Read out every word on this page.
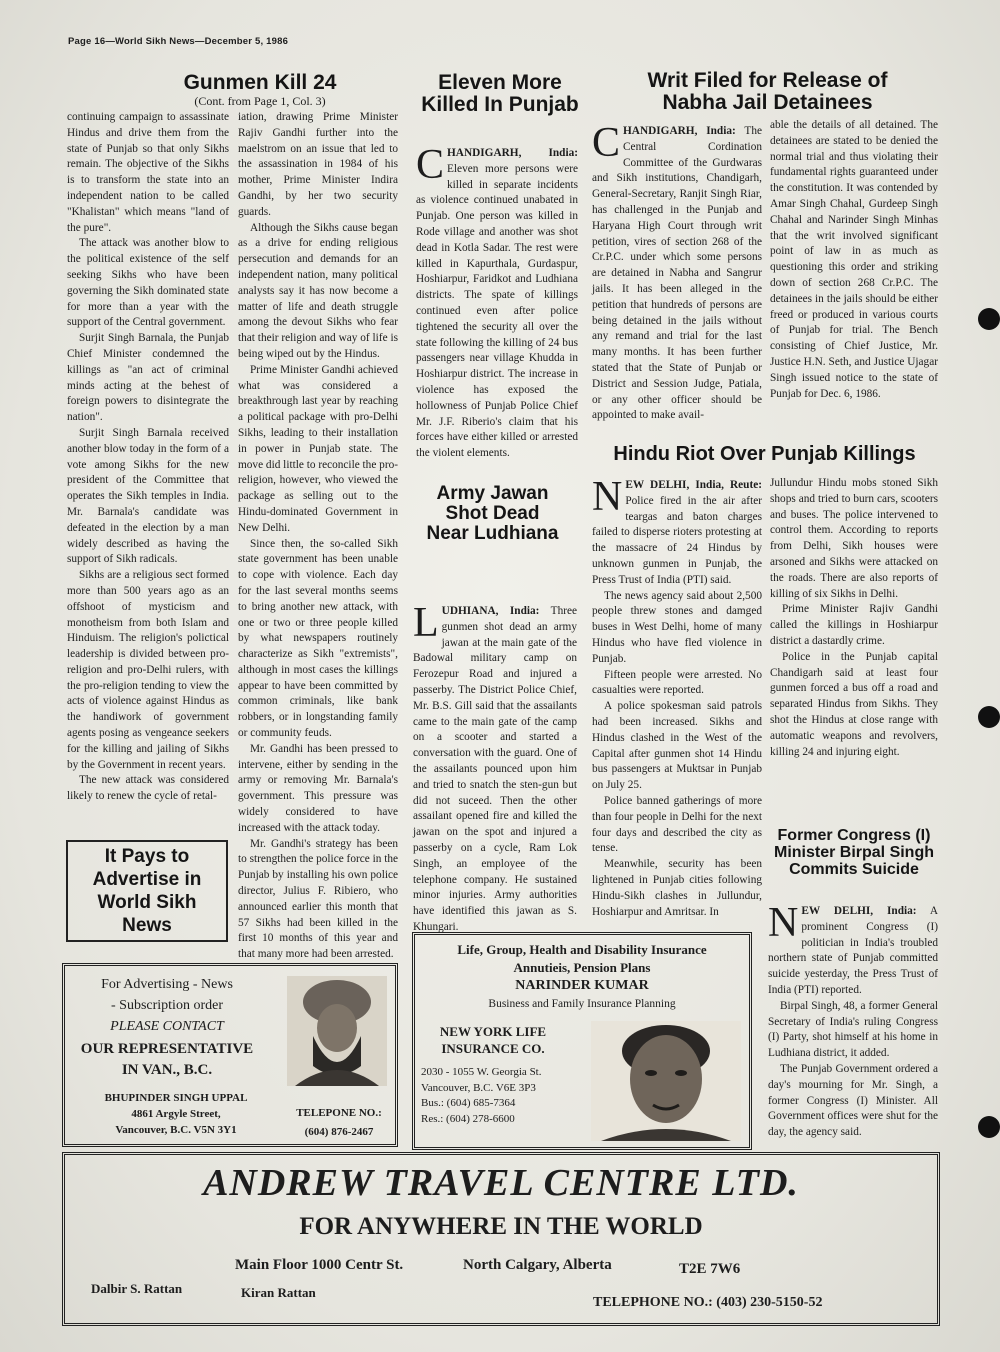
Page 16—World Sikh News—December 5, 1986
Gunmen Kill 24
(Cont. from Page 1, Col. 3)

continuing campaign to assassinate Hindus and drive them from the state of Punjab so that only Sikhs remain. The objective of the Sikhs is to transform the state into an independent nation to be called "Khalistan" which means "land of the pure".

The attack was another blow to the political existence of the self seeking Sikhs who have been governing the Sikh dominated state for more than a year with the support of the Central government.

Surjit Singh Barnala, the Punjab Chief Minister condemned the killings as "an act of criminal minds acting at the behest of foreign powers to disintegrate the nation".

Surjit Singh Barnala received another blow today in the form of a vote among Sikhs for the new president of the Committee that operates the Sikh temples in India. Mr. Barnala's candidate was defeated in the election by a man widely described as having the support of Sikh radicals.

Sikhs are a religious sect formed more than 500 years ago as an offshoot of mysticism and monotheism from both Islam and Hinduism. The religion's polictical leadership is divided between pro-religion and pro-Delhi rulers, with the pro-religion tending to view the acts of violence against Hindus as the handiwork of government agents posing as vengeance seekers for the killing and jailing of Sikhs by the Government in recent years.

The new attack was considered likely to renew the cycle of retal-

iation, drawing Prime Minister Rajiv Gandhi further into the maelstrom on an issue that led to the assassination in 1984 of his mother, Prime Minister Indira Gandhi, by her two security guards.

Although the Sikhs cause began as a drive for ending religious persecution and demands for an independent nation, many political analysts say it has now become a matter of life and death struggle among the devout Sikhs who fear that their religion and way of life is being wiped out by the Hindus.

Prime Minister Gandhi achieved what was considered a breakthrough last year by reaching a political package with pro-Delhi Sikhs, leading to their installation in power in Punjab state. The move did little to reconcile the pro-religion, however, who viewed the package as selling out to the Hindu-dominated Government in New Delhi.

Since then, the so-called Sikh state government has been unable to cope with violence. Each day for the last several months seems to bring another new attack, with one or two or three people killed by what newspapers routinely characterize as Sikh "extremists", although in most cases the killings appear to have been committed by common criminals, like bank robbers, or in longstanding family or community feuds.

Mr. Gandhi has been pressed to intervene, either by sending in the army or removing Mr. Barnala's government. This pressure was widely considered to have increased with the attack today.

Mr. Gandhi's strategy has been to strengthen the police force in the Punjab by installing his own police director, Julius F. Ribiero, who announced earlier this month that 57 Sikhs had been killed in the first 10 months of this year and that many more had been arrested.

Eleven More Killed In Punjab

CHANDIGARH, India: Eleven more persons were killed in separate incidents as violence continued unabated in Punjab. One person was killed in Rode village and another was shot dead in Kotla Sadar. The rest were killed in Kapurthala, Gurdaspur, Hoshiarpur, Faridkot and Ludhiana districts. The spate of killings continued even after police tightened the security all over the state following the killing of 24 bus passengers near village Khudda in Hoshiarpur district. The increase in violence has exposed the hollowness of Punjab Police Chief Mr. J.F. Riberio's claim that his forces have either killed or arrested the violent elements.

Army Jawan Shot Dead Near Ludhiana

LUDHIANA, India: Three gunmen shot dead an army jawan at the main gate of the Badowal military camp on Ferozepur Road and injured a passerby. The District Police Chief, Mr. B.S. Gill said that the assailants came to the main gate of the camp on a scooter and started a conversation with the guard. One of the assailants pounced upon him and tried to snatch the sten-gun but did not suceed. Then the other assailant opened fire and killed the jawan on the spot and injured a passerby on a cycle, Ram Lok Singh, an employee of the telephone company. He sustained minor injuries. Army authorities have identified this jawan as S. Khungari.

Writ Filed for Release of Nabha Jail Detainees

CHANDIGARH, India: The Central Cordination Committee of the Gurdwaras and Sikh institutions, Chandigarh, General-Secretary, Ranjit Singh Riar, has challenged in the Punjab and Haryana High Court through writ petition, vires of section 268 of the Cr.P.C. under which some persons are detained in Nabha and Sangrur jails. It has been alleged in the petition that hundreds of persons are being detained in the jails without any remand and trial for the last many months. It has been further stated that the State of Punjab or District and Session Judge, Patiala, or any other officer should be appointed to make avail-

able the details of all detained. The detainees are stated to be denied the normal trial and thus violating their fundamental rights guaranteed under the constitution. It was contended by Amar Singh Chahal, Gurdeep Singh Chahal and Narinder Singh Minhas that the writ involved significant point of law in as much as questioning this order and striking down of section 268 Cr.P.C. The detainees in the jails should be either freed or produced in various courts of Punjab for trial. The Bench consisting of Chief Justice, Mr. Justice H.N. Seth, and Justice Ujagar Singh issued notice to the state of Punjab for Dec. 6, 1986.

Hindu Riot Over Punjab Killings

NEW DELHI, India, Reute: Police fired in the air after teargas and baton charges failed to disperse rioters protesting at the massacre of 24 Hindus by unknown gunmen in Punjab, the Press Trust of India (PTI) said.

The news agency said about 2,500 people threw stones and damged buses in West Delhi, home of many Hindus who have fled violence in Punjab.

Fifteen people were arrested. No casualties were reported.

A police spokesman said patrols had been increased. Sikhs and Hindus clashed in the West of the Capital after gunmen shot 14 Hindu bus passengers at Muktsar in Punjab on July 25.

Police banned gatherings of more than four people in Delhi for the next four days and described the city as tense.

Meanwhile, security has been lightened in Punjab cities following Hindu-Sikh clashes in Jullundur, Hoshiarpur and Amritsar. In

Jullundur Hindu mobs stoned Sikh shops and tried to burn cars, scooters and buses. The police intervened to control them. According to reports from Delhi, Sikh houses were arsoned and Sikhs were attacked on the roads. There are also reports of killing of six Sikhs in Delhi.

Prime Minister Rajiv Gandhi called the killings in Hoshiarpur district a dastardly crime.

Police in the Punjab capital Chandigarh said at least four gunmen forced a bus off a road and separated Hindus from Sikhs. They shot the Hindus at close range with automatic weapons and revolvers, killing 24 and injuring eight.

Former Congress (I) Minister Birpal Singh Commits Suicide

NEW DELHI, India: A prominent Congress (I) politician in India's troubled northern state of Punjab committed suicide yesterday, the Press Trust of India (PTI) reported.

Birpal Singh, 48, a former General Secretary of India's ruling Congress (I) Party, shot himself at his home in Ludhiana district, it added.

The Punjab Government ordered a day's mourning for Mr. Singh, a former Congress (I) Minister. All Government offices were shut for the day, the agency said.

It Pays to Advertise in World Sikh News
For Advertising - News
- Subscription order
PLEASE CONTACT
OUR REPRESENTATIVE
IN VAN., B.C.
BHUPINDER SINGH UPPAL
4861 Argyle Street,
Vancouver, B.C. V5N 3Y1
TELEPONE NO.:
(604) 876-2467
Life, Group, Health and Disability Insurance
Annutieis, Pension Plans
NARINDER KUMAR
Business and Family Insurance Planning
NEW YORK LIFE
INSURANCE CO.
2030 - 1055 W. Georgia St.
Vancouver, B.C. V6E 3P3
Bus.: (604) 685-7364
Res.: (604) 278-6600
ANDREW TRAVEL CENTRE LTD.
FOR ANYWHERE IN THE WORLD
Main Floor 1000 Centr St.	North Calgary, Alberta	T2E 7W6
Dalbir S. Rattan	Kiran Rattan
TELEPHONE NO.: (403) 230-5150-52
